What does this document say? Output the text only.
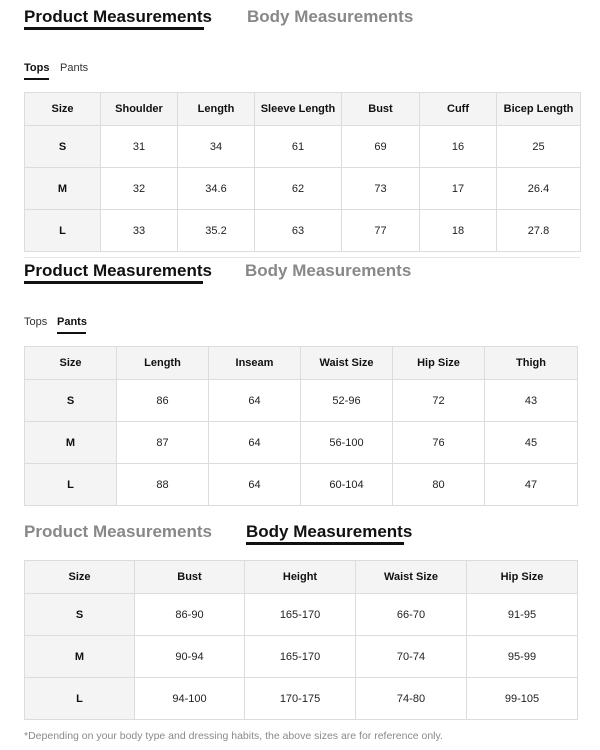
Product Measurements Body Measurements
Tops Pants
Size	Shoulder	Length	Sleeve Length	Bust	Cuff	Bicep Length
S	31	34	61	69	16	25
M	32	34.6	62	73	17	26.4
L	33	35.2	63	77	18	27.8
Product Measurements Body Measurements
Tops Pants
Size	Length	Inseam	Waist Size	Hip Size	Thigh
S	86	64	52-96	72	43
M	87	64	56-100	76	45
L	88	64	60-104	80	47
Product Measurements Body Measurements
Size	Bust	Height	Waist Size	Hip Size
S	86-90	165-170	66-70	91-95
M	90-94	165-170	70-74	95-99
L	94-100	170-175	74-80	99-105
*Depending on your body type and dressing habits, the above sizes are for reference only.
